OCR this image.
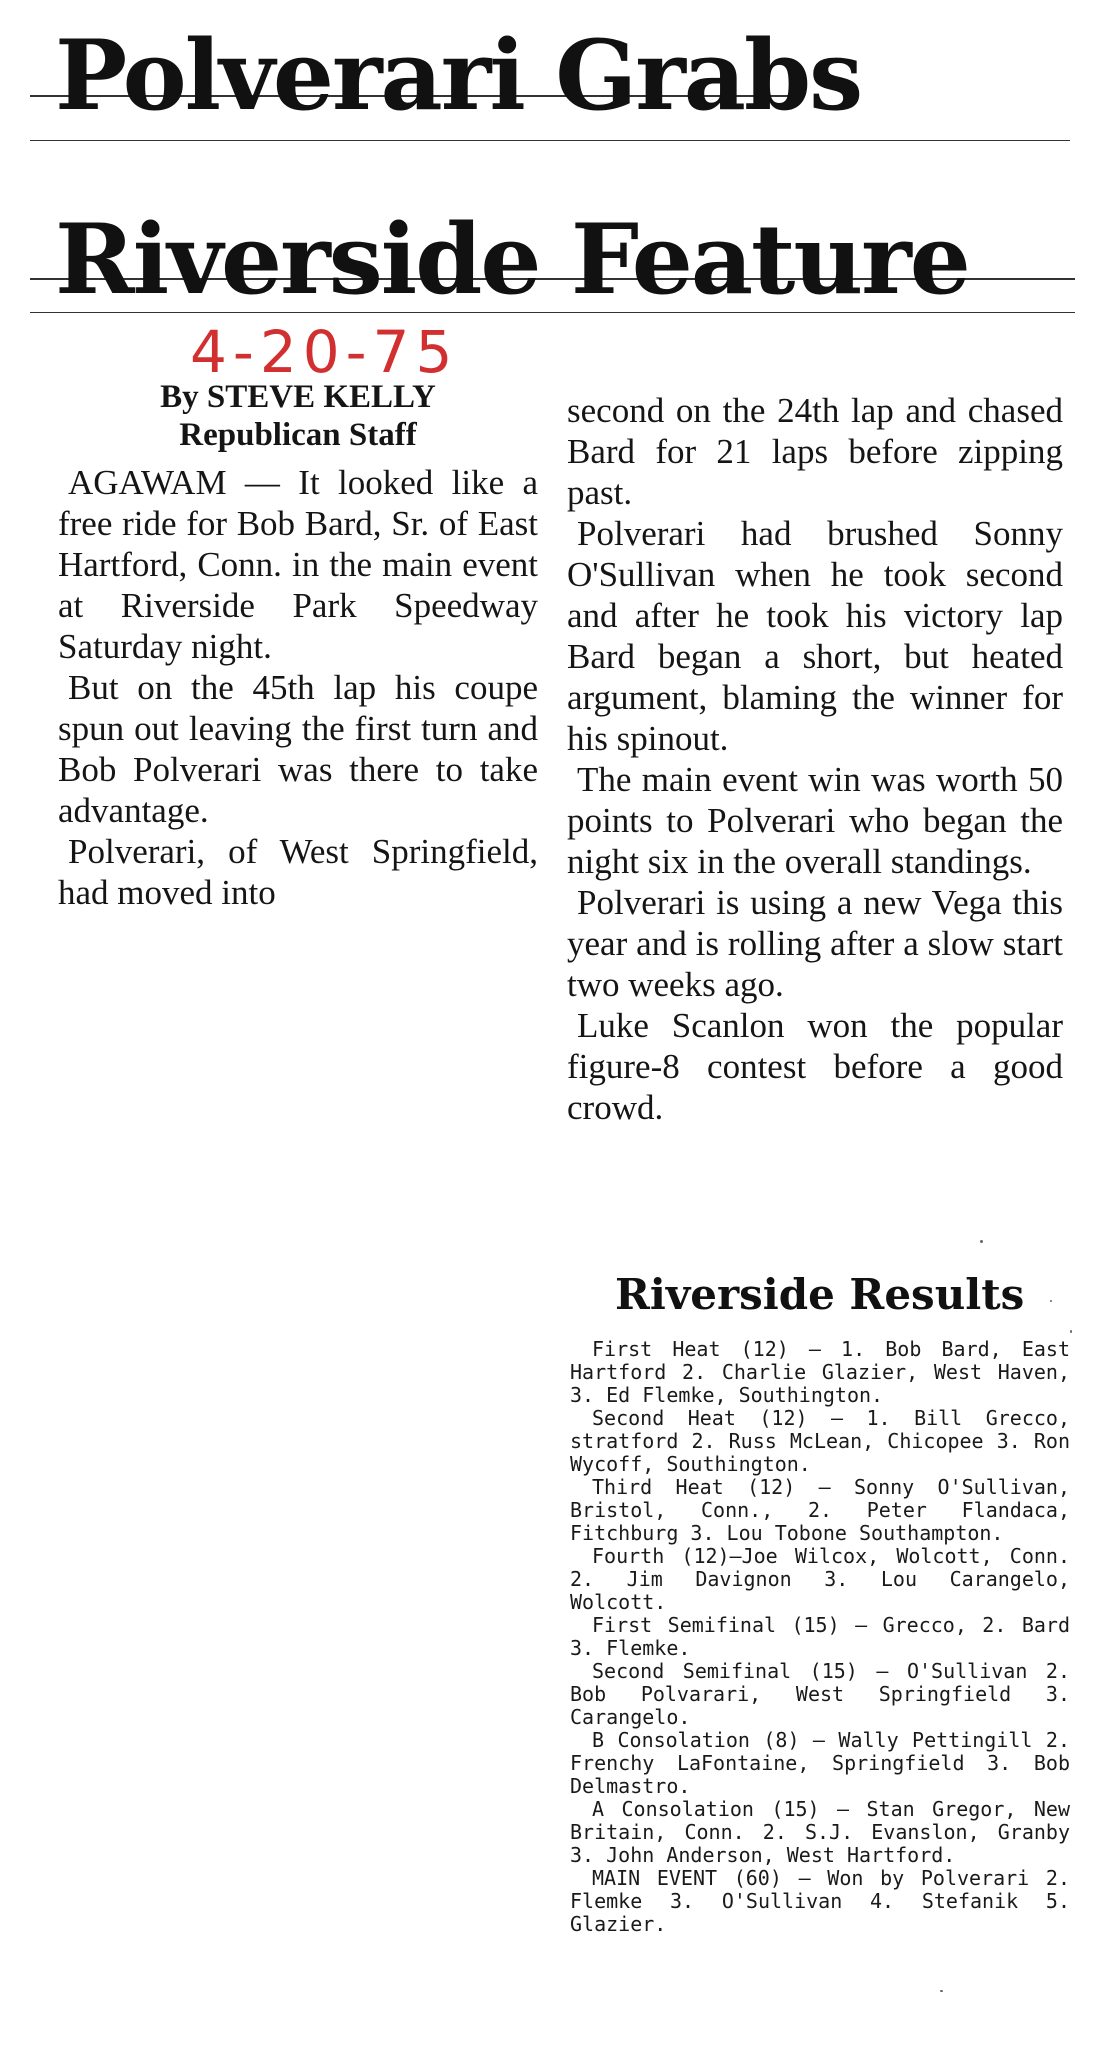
Polverari Grabs
Riverside Feature
4-20-75
By STEVE KELLY
Republican Staff

AGAWAM — It looked like a free ride for Bob Bard, Sr. of East Hartford, Conn. in the main event at Riverside Park Speedway Saturday night.

But on the 45th lap his coupe spun out leaving the first turn and Bob Polverari was there to take advantage.

Polverari, of West Springfield, had moved into

second on the 24th lap and chased Bard for 21 laps before zipping past.

Polverari had brushed Sonny O'Sullivan when he took second and after he took his victory lap Bard began a short, but heated argument, blaming the winner for his spinout.

The main event win was worth 50 points to Polverari who began the night six in the overall standings.

Polverari is using a new Vega this year and is rolling after a slow start two weeks ago.

Luke Scanlon won the popular figure-8 contest before a good crowd.

Riverside Results

First Heat (12) — 1. Bob Bard, East Hartford 2. Charlie Glazier, West Haven, 3. Ed Flemke, Southington.

Second Heat (12) — 1. Bill Grecco, stratford 2. Russ McLean, Chicopee 3. Ron Wycoff, Southington.

Third Heat (12) — Sonny O'Sullivan, Bristol, Conn., 2. Peter Flandaca, Fitchburg 3. Lou Tobone Southampton.

Fourth (12)—Joe Wilcox, Wolcott, Conn. 2. Jim Davignon 3. Lou Carangelo, Wolcott.

First Semifinal (15) — Grecco, 2. Bard 3. Flemke.

Second Semifinal (15) — O'Sullivan 2. Bob Polvarari, West Springfield 3. Carangelo.

B Consolation (8) — Wally Pettingill 2. Frenchy LaFontaine, Springfield 3. Bob Delmastro.

A Consolation (15) — Stan Gregor, New Britain, Conn. 2. S.J. Evanslon, Granby 3. John Anderson, West Hartford.

MAIN EVENT (60) — Won by Polverari 2. Flemke 3. O'Sullivan 4. Stefanik 5. Glazier.
